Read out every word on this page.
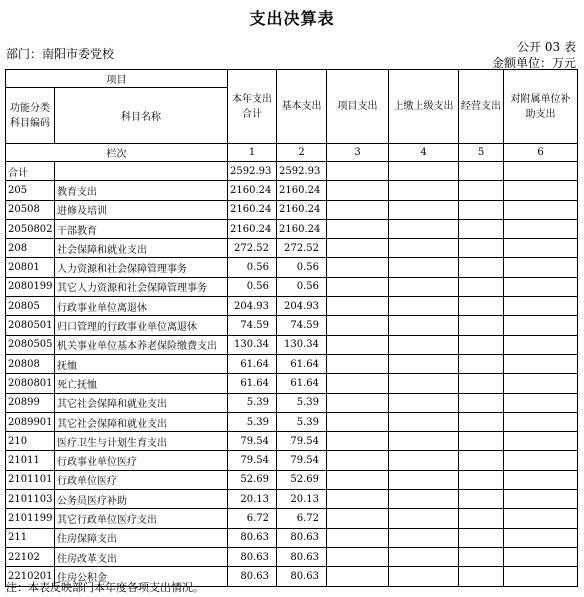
支出决算表
部门：南阳市委党校	公开 03 表
金额单位：万元
项目		本年支出合计	基本支出	项目支出	上缴上级支出	经营支出	对附属单位补助支出
功能分类科目编码	科目名称						
栏次		1	2	3	4	5	6
合计		2592.93	2592.93				
205	教育支出	2160.24	2160.24				
20508	进修及培训	2160.24	2160.24				
2050802	干部教育	2160.24	2160.24				
208	社会保障和就业支出	272.52	272.52				
20801	人力资源和社会保障管理事务	0.56	0.56				
2080199	其它人力资源和社会保障管理事务	0.56	0.56				
20805	行政事业单位离退休	204.93	204.93				
2080501	归口管理的行政事业单位离退休	74.59	74.59				
2080505	机关事业单位基本养老保险缴费支出	130.34	130.34				
20808	抚恤	61.64	61.64				
2080801	死亡抚恤	61.64	61.64				
20899	其它社会保障和就业支出	5.39	5.39				
2089901	其它社会保障和就业支出	5.39	5.39				
210	医疗卫生与计划生育支出	79.54	79.54				
21011	行政事业单位医疗	79.54	79.54				
2101101	行政单位医疗	52.69	52.69				
2101103	公务员医疗补助	20.13	20.13				
2101199	其它行政单位医疗支出	6.72	6.72				
211	住房保障支出	80.63	80.63				
22102	住房改革支出	80.63	80.63				
2210201	住房公积金	80.63	80.63				
注：本表反映部门本年度各项支出情况。
